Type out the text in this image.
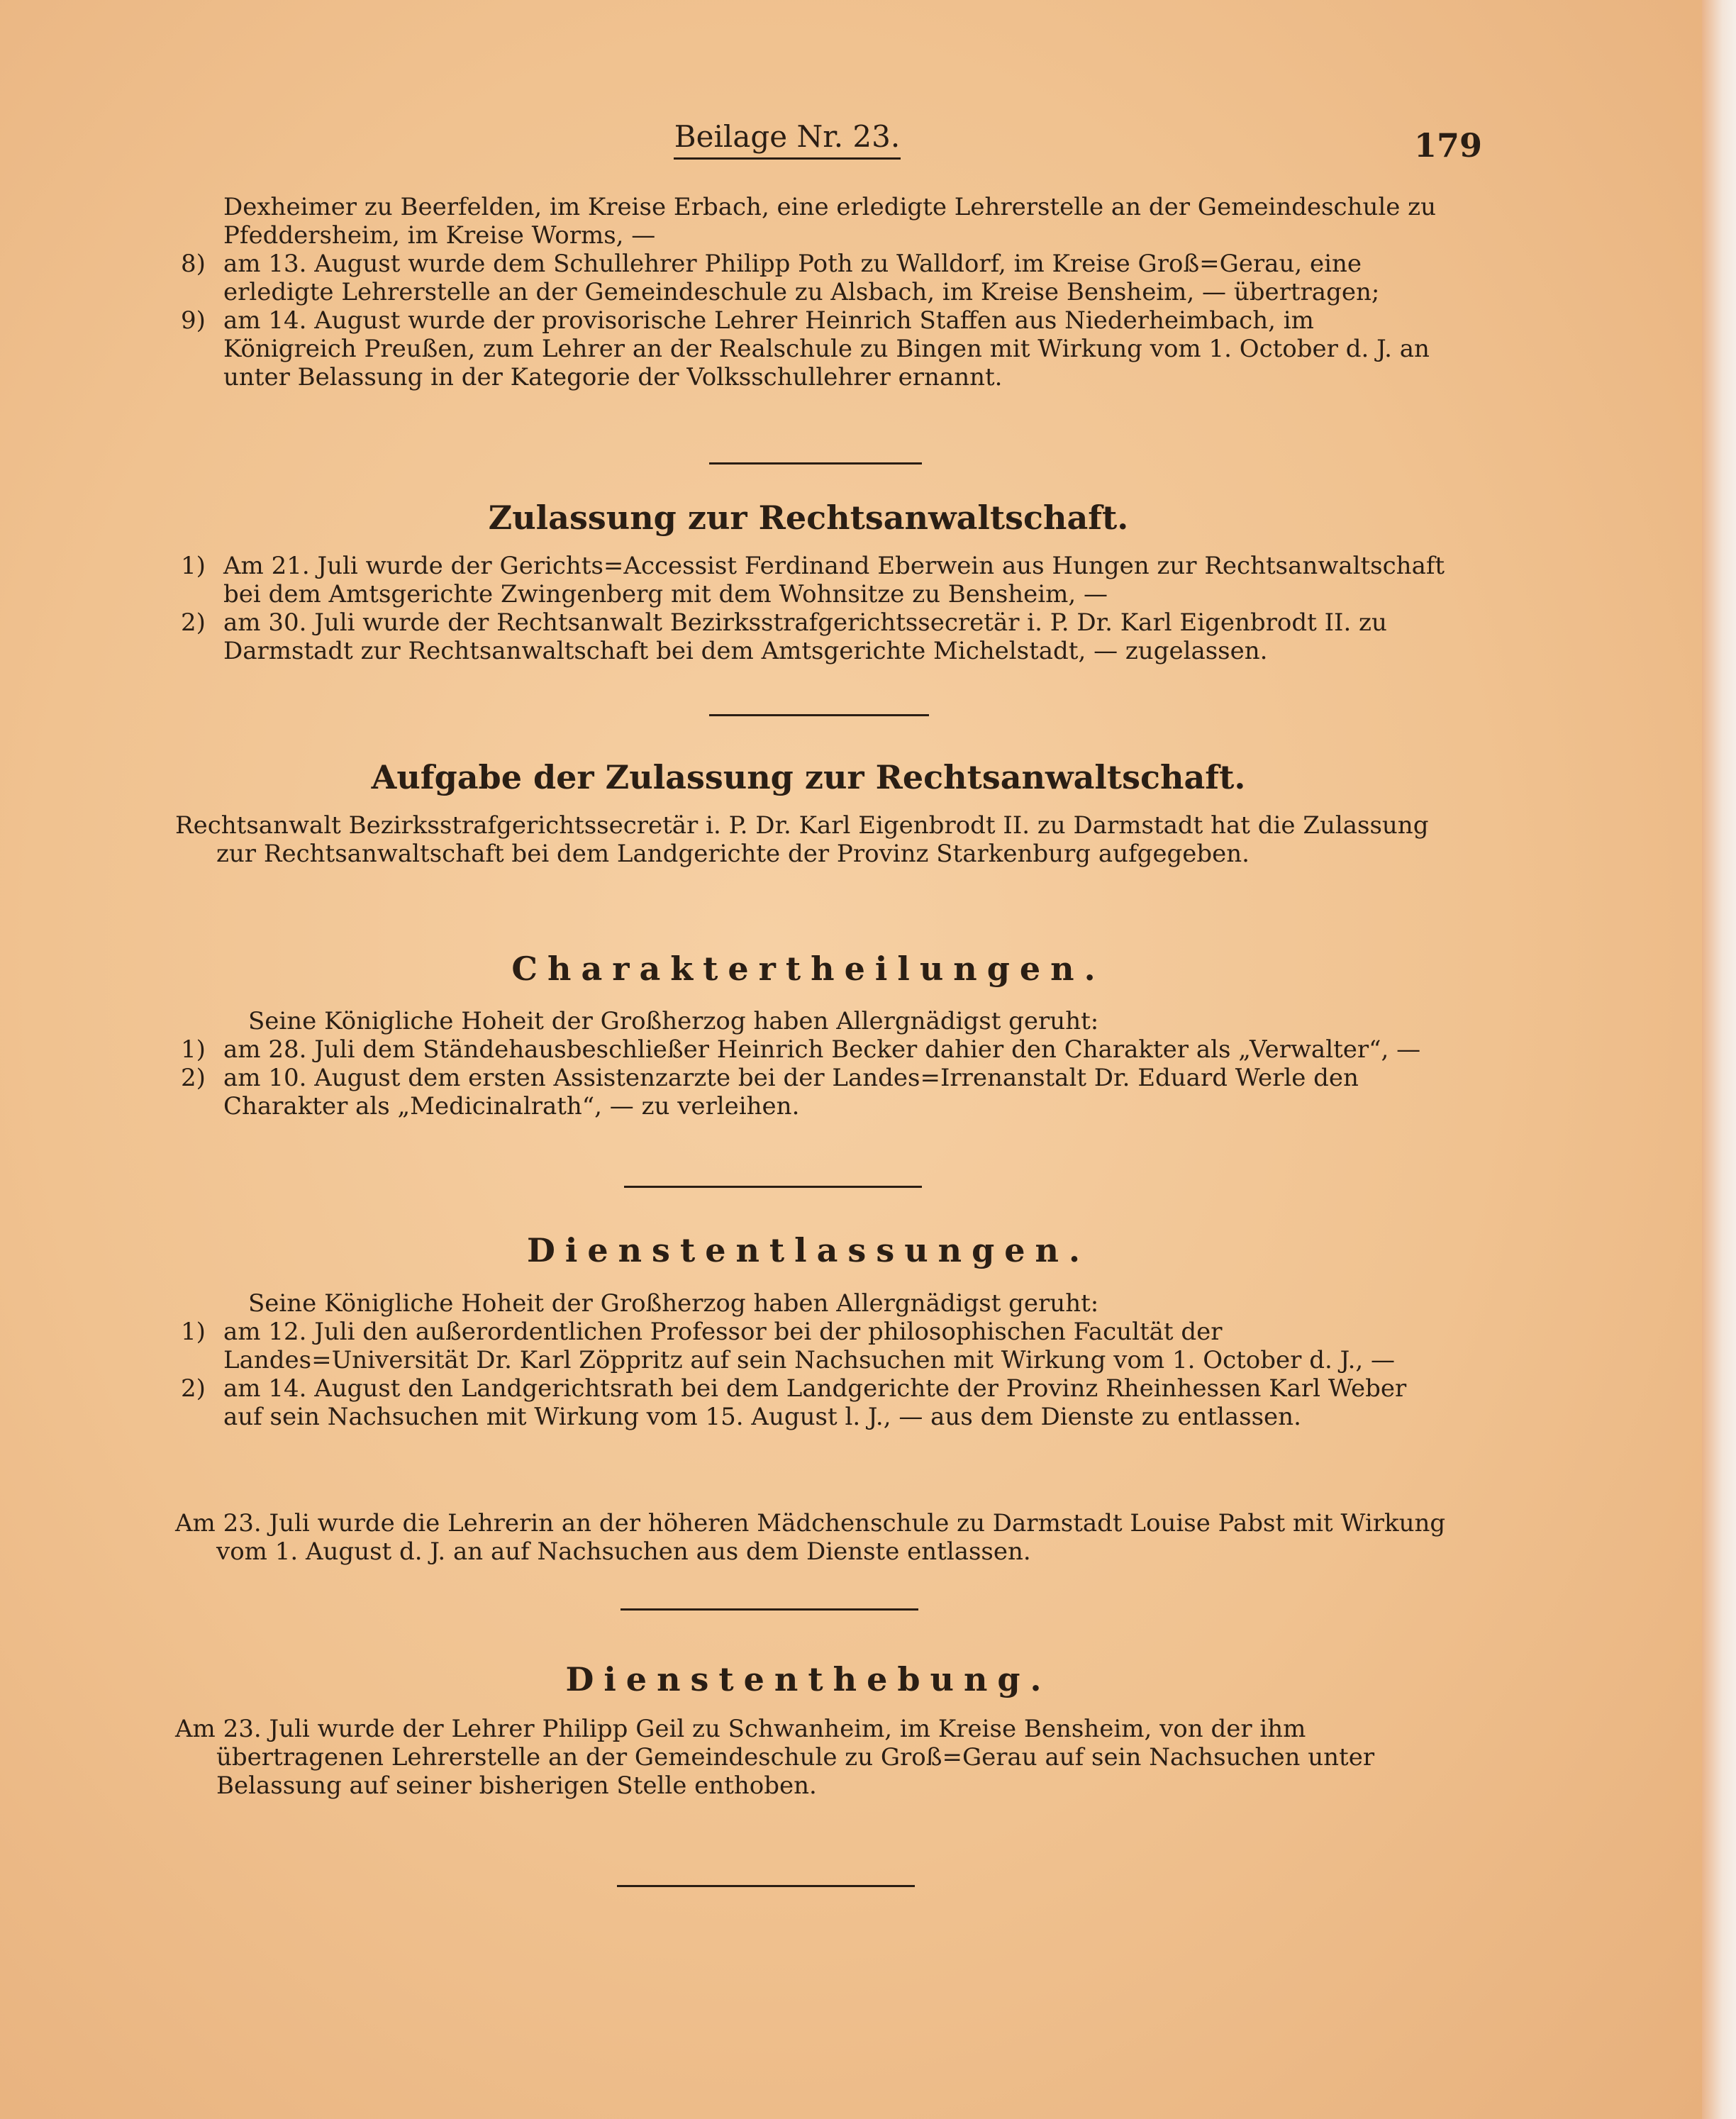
Beilage Nr. 23.	179

Dexheimer zu Beerfelden, im Kreise Erbach, eine erledigte Lehrerstelle an der Gemeindeschule zu Pfeddersheim, im Kreise Worms, —

8) am 13. August wurde dem Schullehrer Philipp Poth zu Walldorf, im Kreise Groß=Gerau, eine erledigte Lehrerstelle an der Gemeindeschule zu Alsbach, im Kreise Bensheim, — übertragen;
9) am 14. August wurde der provisorische Lehrer Heinrich Staffen aus Niederheimbach, im Königreich Preußen, zum Lehrer an der Realschule zu Bingen mit Wirkung vom 1. October d. J. an unter Belassung in der Kategorie der Volksschullehrer ernannt.
Zulassung zur Rechtsanwaltschaft.
1) Am 21. Juli wurde der Gerichts=Accessist Ferdinand Eberwein aus Hungen zur Rechtsanwaltschaft bei dem Amtsgerichte Zwingenberg mit dem Wohnsitze zu Bensheim, —
2) am 30. Juli wurde der Rechtsanwalt Bezirksstrafgerichtssecretär i. P. Dr. Karl Eigenbrodt II. zu Darmstadt zur Rechtsanwaltschaft bei dem Amtsgerichte Michelstadt, — zugelassen.
Aufgabe der Zulassung zur Rechtsanwaltschaft.

Rechtsanwalt Bezirksstrafgerichtssecretär i. P. Dr. Karl Eigenbrodt II. zu Darmstadt hat die Zulassung zur Rechtsanwaltschaft bei dem Landgerichte der Provinz Starkenburg aufgegeben.

Charaktertheilungen.

Seine Königliche Hoheit der Großherzog haben Allergnädigst geruht:

1) am 28. Juli dem Ständehausbeschließer Heinrich Becker dahier den Charakter als „Verwalter“, —
2) am 10. August dem ersten Assistenzarzte bei der Landes=Irrenanstalt Dr. Eduard Werle den Charakter als „Medicinalrath“, — zu verleihen.
Dienstentlassungen.

Seine Königliche Hoheit der Großherzog haben Allergnädigst geruht:

1) am 12. Juli den außerordentlichen Professor bei der philosophischen Facultät der Landes=Universität Dr. Karl Zöppritz auf sein Nachsuchen mit Wirkung vom 1. October d. J., —
2) am 14. August den Landgerichtsrath bei dem Landgerichte der Provinz Rheinhessen Karl Weber auf sein Nachsuchen mit Wirkung vom 15. August l. J., — aus dem Dienste zu entlassen.

Am 23. Juli wurde die Lehrerin an der höheren Mädchenschule zu Darmstadt Louise Pabst mit Wirkung vom 1. August d. J. an auf Nachsuchen aus dem Dienste entlassen.

Dienstenthebung.

Am 23. Juli wurde der Lehrer Philipp Geil zu Schwanheim, im Kreise Bensheim, von der ihm übertragenen Lehrerstelle an der Gemeindeschule zu Groß=Gerau auf sein Nachsuchen unter Belassung auf seiner bisherigen Stelle enthoben.
